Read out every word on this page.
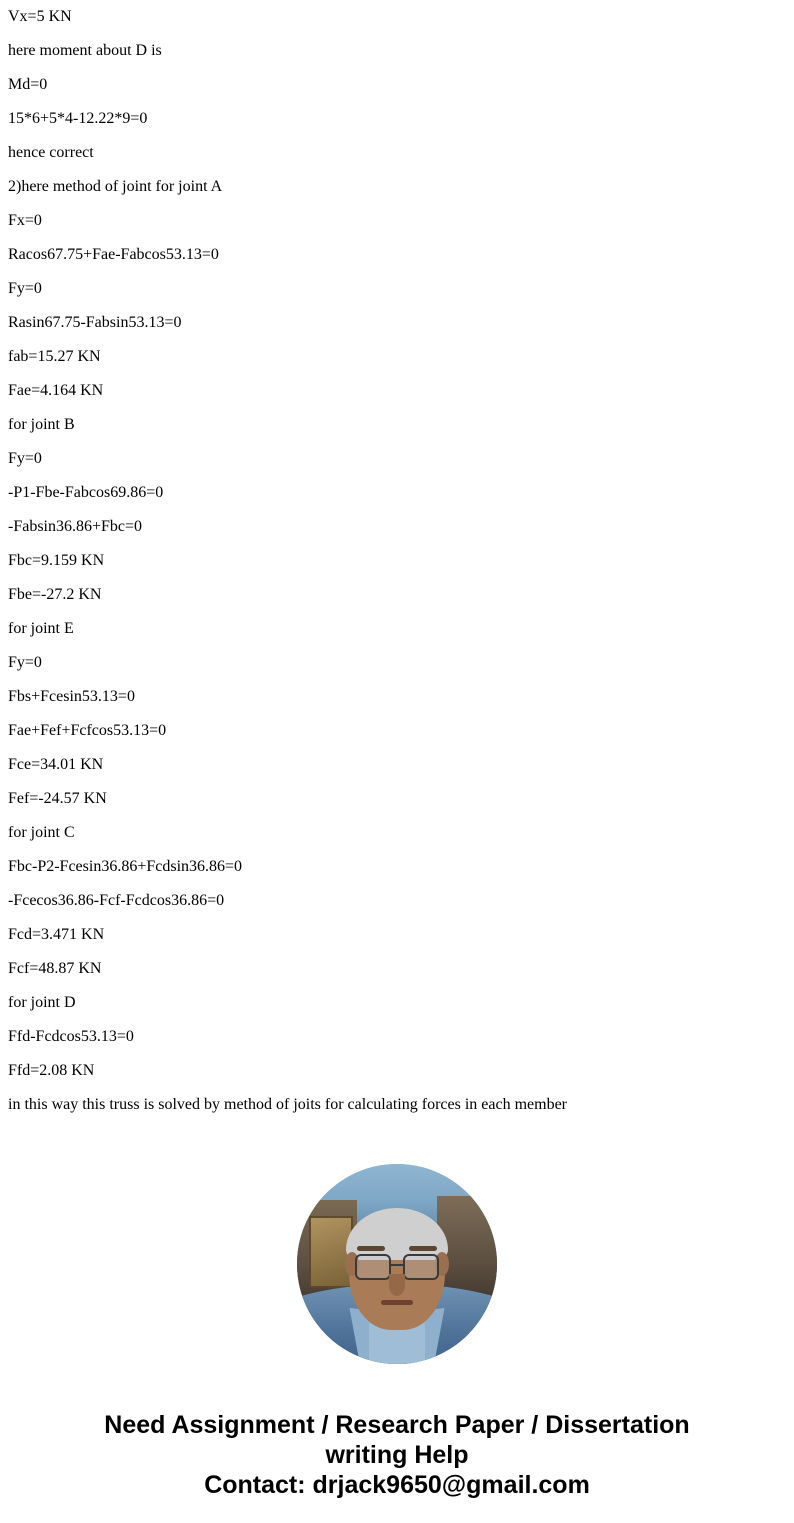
Vx=5 KN

here moment about D is

Md=0

15*6+5*4-12.22*9=0

hence correct

2)here method of joint for joint A

Fx=0

Racos67.75+Fae-Fabcos53.13=0

Fy=0

Rasin67.75-Fabsin53.13=0

fab=15.27 KN

Fae=4.164 KN

for joint B

Fy=0

-P1-Fbe-Fabcos69.86=0

-Fabsin36.86+Fbc=0

Fbc=9.159 KN

Fbe=-27.2 KN

for joint E

Fy=0

Fbs+Fcesin53.13=0

Fae+Fef+Fcfcos53.13=0

Fce=34.01 KN

Fef=-24.57 KN

for joint C

Fbc-P2-Fcesin36.86+Fcdsin36.86=0

-Fcecos36.86-Fcf-Fcdcos36.86=0

Fcd=3.471 KN

Fcf=48.87 KN

for joint D

Ffd-Fcdcos53.13=0

Ffd=2.08 KN

in this way this truss is solved by method of joits for calculating forces in each member

Need Assignment / Research Paper / Dissertation
writing Help
Contact: drjack9650@gmail.com
